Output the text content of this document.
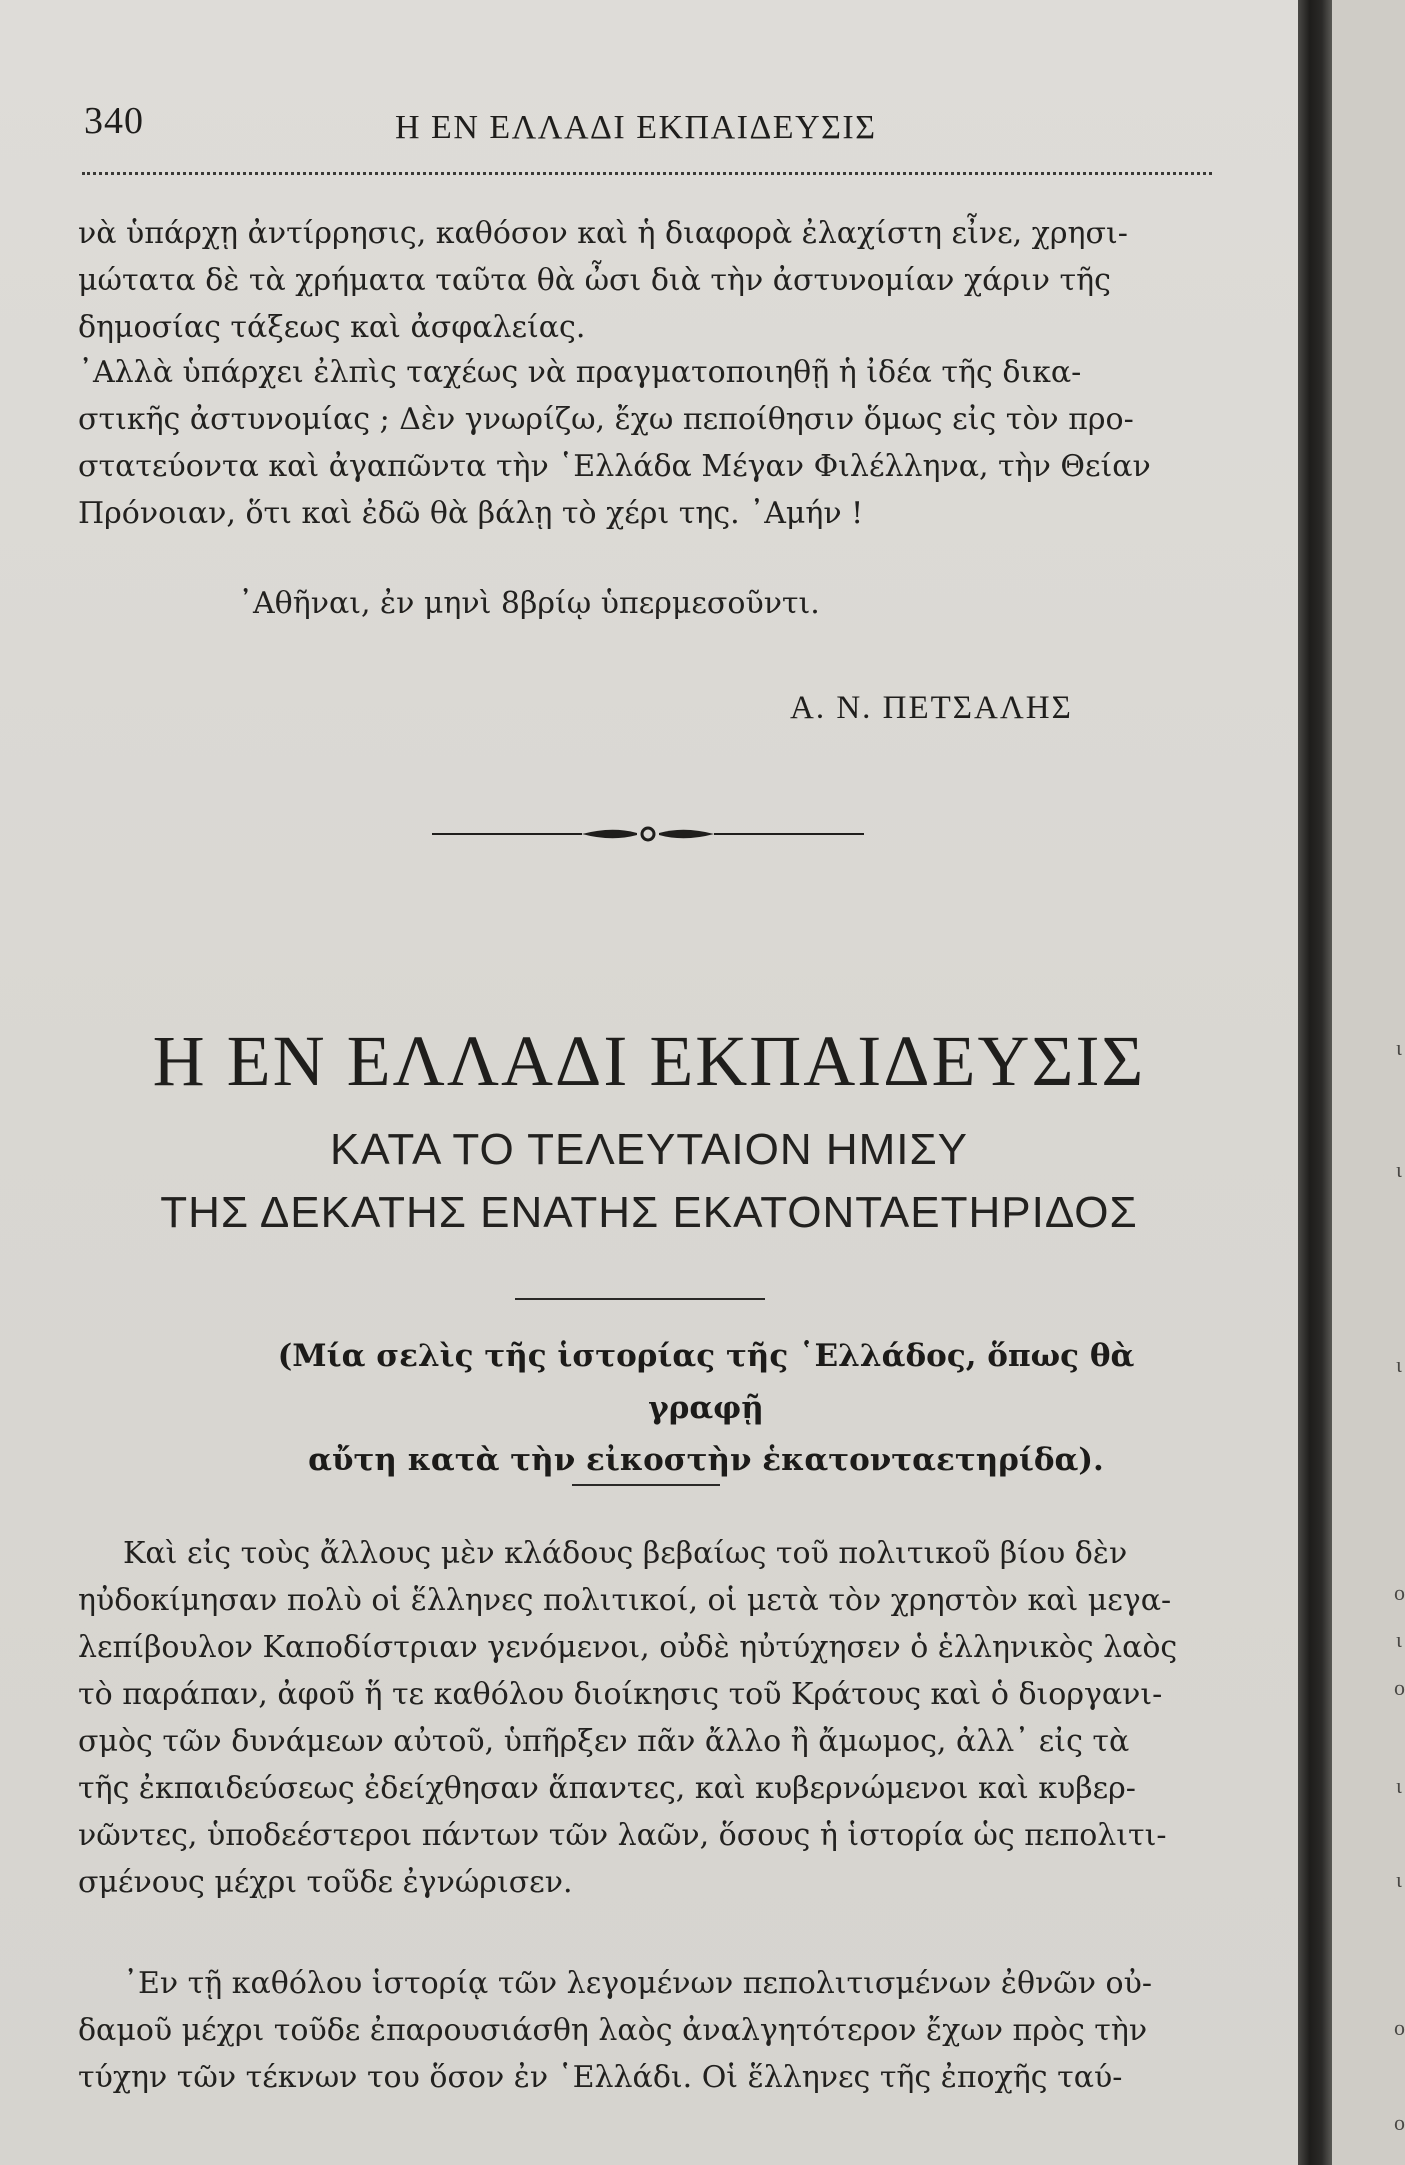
340	Η ΕΝ ΕΛΛΑΔΙ ΕΚΠΑΙΔΕΥΣΙΣ

νὰ ὑπάρχῃ ἀντίρρησις, καθόσον καὶ ἡ διαφορὰ ἐλαχίστη εἶνε, χρησι-
μώτατα δὲ τὰ χρήματα ταῦτα θὰ ὦσι διὰ τὴν ἀστυνομίαν χάριν τῆς
δημοσίας τάξεως καὶ ἀσφαλείας.

᾿Αλλὰ ὑπάρχει ἐλπὶς ταχέως νὰ πραγματοποιηθῇ ἡ ἰδέα τῆς δικα-
στικῆς ἀστυνομίας ; Δὲν γνωρίζω, ἔχω πεποίθησιν ὅμως εἰς τὸν προ-
στατεύοντα καὶ ἀγαπῶντα τὴν ῾Ελλάδα Μέγαν Φιλέλληνα, τὴν Θείαν
Πρόνοιαν, ὅτι καὶ ἐδῶ θὰ βάλῃ τὸ χέρι της. ᾿Αμήν !

᾿Αθῆναι, ἐν μηνὶ 8βρίῳ ὑπερμεσοῦντι.

Α. Ν. ΠΕΤΣΑΛΗΣ
Η ΕΝ ΕΛΛΑΔΙ ΕΚΠΑΙΔΕΥΣΙΣ
ΚΑΤΑ ΤΟ ΤΕΛΕΥΤΑΙΟΝ ΗΜΙΣΥ
ΤΗΣ ΔΕΚΑΤΗΣ ΕΝΑΤΗΣ ΕΚΑΤΟΝΤΑΕΤΗΡΙΔΟΣ
(Μία σελὶς τῆς ἱστορίας τῆς ῾Ελλάδος, ὅπως θὰ γραφῇ
αὔτη κατὰ τὴν εἰκοστὴν ἑκατονταετηρίδα).

Καὶ εἰς τοὺς ἄλλους μὲν κλάδους βεβαίως τοῦ πολιτικοῦ βίου δὲν
ηὐδοκίμησαν πολὺ οἱ ἕλληνες πολιτικοί, οἱ μετὰ τὸν χρηστὸν καὶ μεγα-
λεπίβουλον Καποδίστριαν γενόμενοι, οὐδὲ ηὐτύχησεν ὁ ἑλληνικὸς λαὸς
τὸ παράπαν, ἀφοῦ ἥ τε καθόλου διοίκησις τοῦ Κράτους καὶ ὁ διοργανι-
σμὸς τῶν δυνάμεων αὐτοῦ, ὑπῆρξεν πᾶν ἄλλο ἢ ἄμωμος, ἀλλ᾽ εἰς τὰ
τῆς ἐκπαιδεύσεως ἐδείχθησαν ἅπαντες, καὶ κυβερνώμενοι καὶ κυβερ-
νῶντες, ὑποδεέστεροι πάντων τῶν λαῶν, ὅσους ἡ ἱστορία ὡς πεπολιτι-
σμένους μέχρι τοῦδε ἐγνώρισεν.

᾿Εν τῇ καθόλου ἱστορίᾳ τῶν λεγομένων πεπολιτισμένων ἐθνῶν οὐ-
δαμοῦ μέχρι τοῦδε ἐπαρουσιάσθη λαὸς ἀναλγητότερον ἔχων πρὸς τὴν
τύχην τῶν τέκνων του ὅσον ἐν ῾Ελλάδι. Οἱ ἕλληνες τῆς ἐποχῆς ταύ-

ι
ι
ι
ο
ι
ο
ι
ι
ο
ο
